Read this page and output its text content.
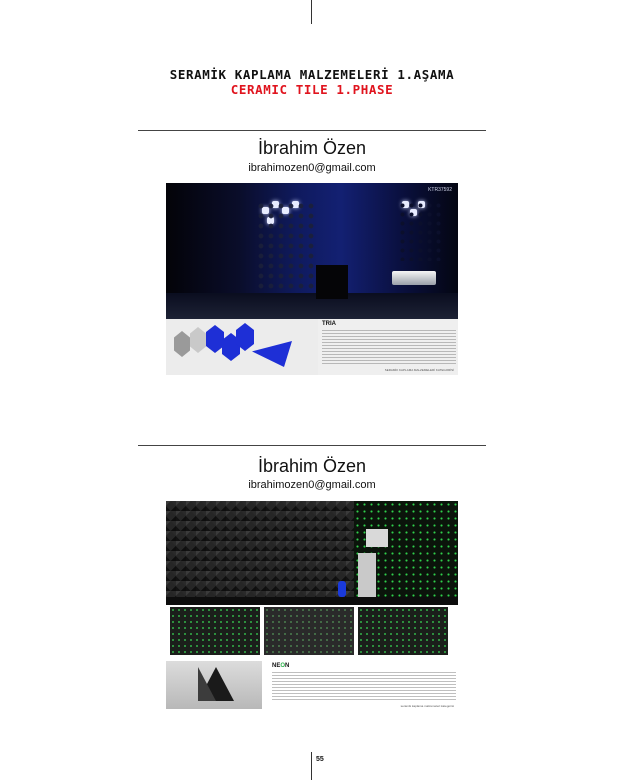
SERAMİK KAPLAMA MALZEMELERİ 1.AŞAMA
CERAMIC TILE 1.PHASE
İbrahim Özen
ibrahimozen0@gmail.com
KTR37592
TRIA
SERAMİK KAPLAMA MALZEMELERİ KATEGORİSİ
İbrahim Özen
ibrahimozen0@gmail.com
NEON
seramik kaplama malzemeleri kategorisi
55
